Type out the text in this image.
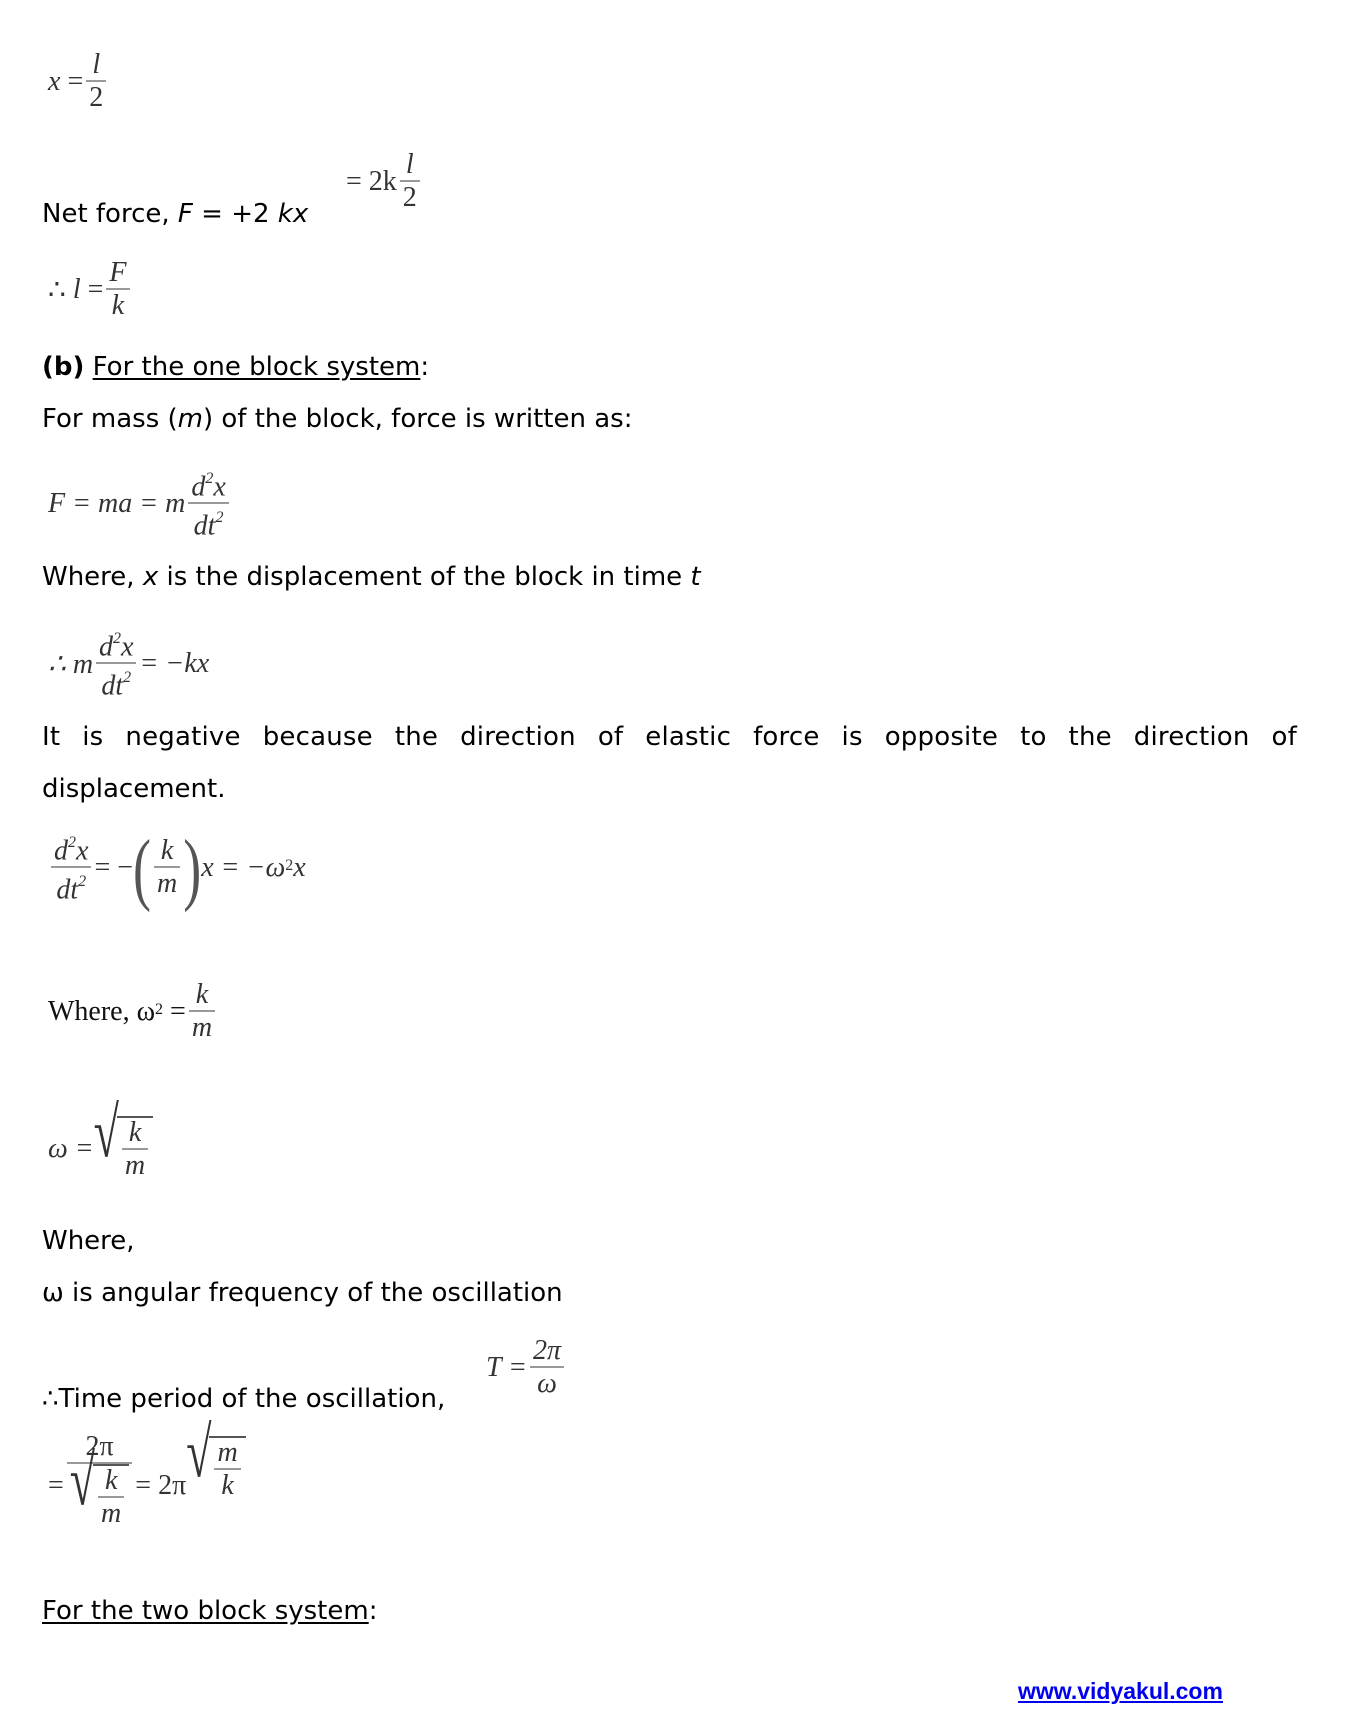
$x = \frac{l}{2}$
= $2k \frac{l}{2}$
Net force, F = +2 kx
∴
$l = \frac{F}{k}$
(b) For the one block system:
For mass (m) of the block, force is written as:
F = ma = m $\frac{d^2x}{dt^2}$
Where, x is the displacement of the block in time t
∴ m $\frac{d^2x}{dt^2} = -kx$
It is negative because the direction of elastic force is opposite to the direction of
displacement.
$\frac{d^2x}{dt^2}$ = − ( $\frac{k}{m}$ ) x = −ω 2 x
Where, ω 2
= $\frac{k}{m}$
ω = √ $\frac{k}{m}$
Where,
ω is angular frequency of the oscillation
∴Time period of the oscillation,
$T = \frac{2\pi}{\omega}$
= $\frac{2\pi}{√ \frac{k}{m}} = 2\pi$ √ $\frac{m}{k}$
For the two block system:
www.vidyakul.com
